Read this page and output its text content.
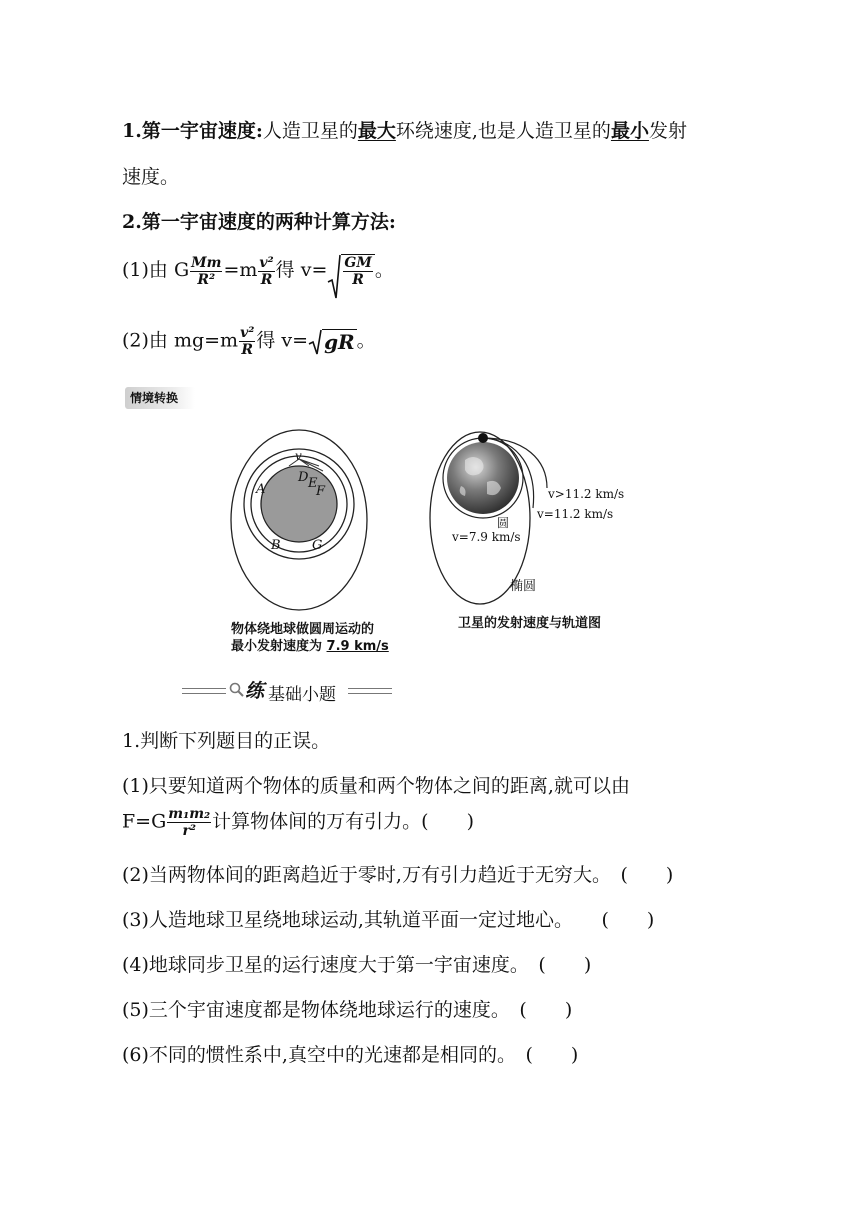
1.第一宇宙速度:人造卫星的最大环绕速度,也是人造卫星的最小发射
速度。
2.第一宇宙速度的两种计算方法:
(1)由 G $\frac{Mm}{\text{R²}} =m \frac{\text{v²}}{R}$ 得 $v= \frac{GM}{R}$ 。
(2)由 $mg=m \frac{\text{v²}}{R}$ 得 v= gR 。
情境转换
v
D E
F
A
B G
物体绕地球做圆周运动的
最小发射速度为 7.9 km/s
v>11.2 km/s
v=11.2 km/s
圆
v=7.9 km/s
椭圆
卫星的发射速度与轨道图
练 基础小题
1.判断下列题目的正误。
(1)只要知道两个物体的质量和两个物体之间的距离,就可以由
$F=G \frac{\text{m₁m₂}}{\text{r²}}$ 计算物体间的万有引力。(　　)
(2)当两物体间的距离趋近于零时,万有引力趋近于无穷大。　(　　)
(3)人造地球卫星绕地球运动,其轨道平面一定过地心。　　(　　)
(4)地球同步卫星的运行速度大于第一宇宙速度。　(　　)
(5)三个宇宙速度都是物体绕地球运行的速度。　(　　)
(6)不同的惯性系中,真空中的光速都是相同的。　(　　)
